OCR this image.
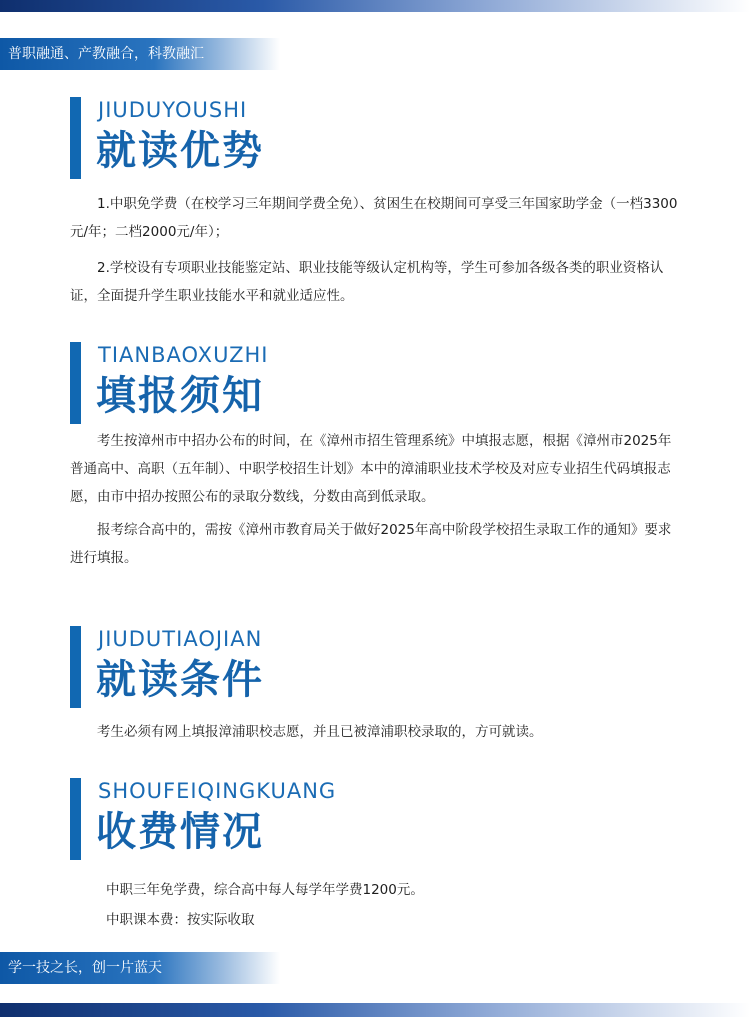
普职融通、产教融合，科教融汇
JIUDUYOUSHI
就读优势

1.中职免学费（在校学习三年期间学费全免）、贫困生在校期间可享受三年国家助学金（一档3300元/年；二档2000元/年）；

2.学校设有专项职业技能鉴定站、职业技能等级认定机构等，学生可参加各级各类的职业资格认证，全面提升学生职业技能水平和就业适应性。

TIANBAOXUZHI
填报须知

考生按漳州市中招办公布的时间，在《漳州市招生管理系统》中填报志愿，根据《漳州市2025年普通高中、高职（五年制）、中职学校招生计划》本中的漳浦职业技术学校及对应专业招生代码填报志愿，由市中招办按照公布的录取分数线，分数由高到低录取。

报考综合高中的，需按《漳州市教育局关于做好2025年高中阶段学校招生录取工作的通知》要求进行填报。

JIUDUTIAOJIAN
就读条件

考生必须有网上填报漳浦职校志愿，并且已被漳浦职校录取的，方可就读。

SHOUFEIQINGKUANG
收费情况
中职三年免学费，综合高中每人每学年学费1200元。
中职课本费：按实际收取
学一技之长，创一片蓝天
